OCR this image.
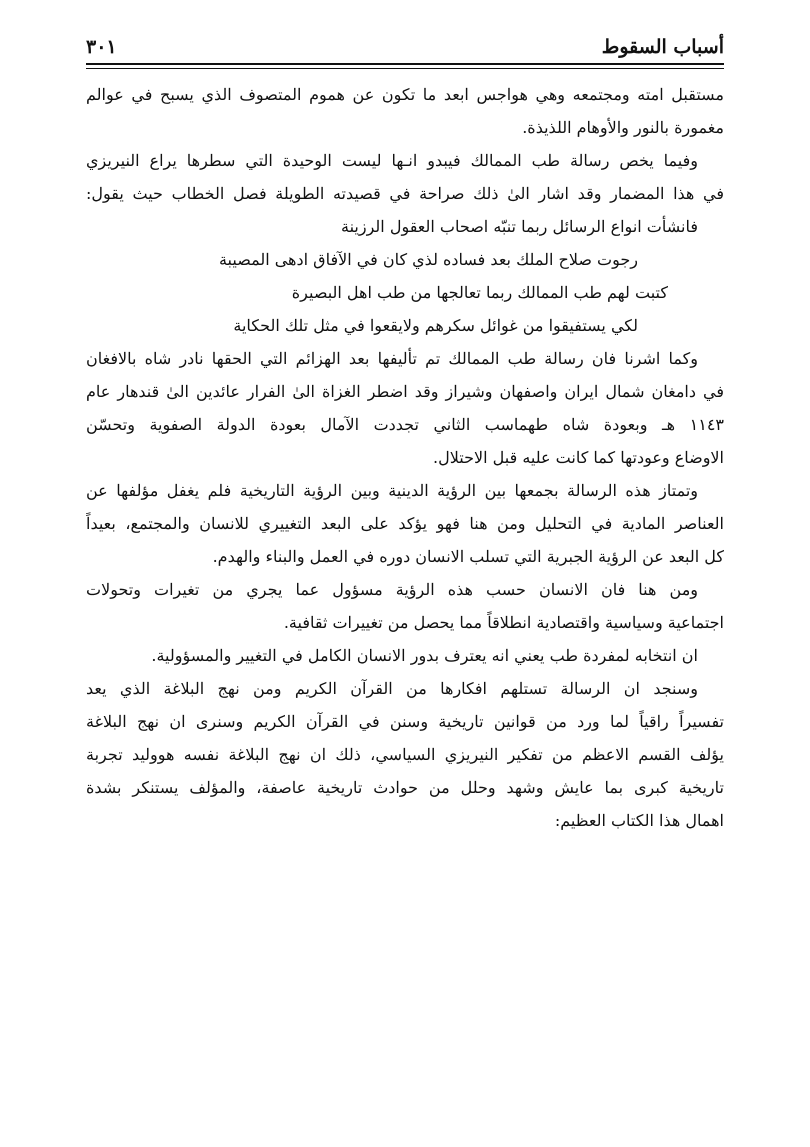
أسباب السقوط
٣٠١
مستقبل امته ومجتمعه وهي هواجس ابعد ما تكون عن هموم المتصوف الذي يسبح في عوالم
مغمورة بالنور والأوهام اللذيذة.
وفيما يخص رسالة طب الممالك فيبدو انـها ليست الوحيدة التي سطرها يراع النيريزي
في هذا المضمار وقد اشار الىٰ ذلك صراحة في قصيدته الطويلة فصل الخطاب حيث يقول:
فانشأت انواع الرسائل ربما تنبّه اصحاب العقول الرزينة
رجوت صلاح الملك بعد فساده لذي كان في الآفاق ادهى المصيبة
كتبت لهم طب الممالك ربما تعالجها من طب اهل البصيرة
لكي يستفيقوا من غوائل سكرهم ولايقعوا في مثل تلك الحكاية
وكما اشرنا فان رسالة طب الممالك تم تأليفها بعد الهزائم التي الحقها نادر شاه بالافغان
في دامغان شمال ايران واصفهان وشيراز وقد اضطر الغزاة الىٰ الفرار عائدين الىٰ قندهار عام
١١٤٣ هـ وبعودة شاه طهماسب الثاني تجددت الآمال بعودة الدولة الصفوية وتحسّن
الاوضاع وعودتها كما كانت عليه قبل الاحتلال.
وتمتاز هذه الرسالة بجمعها بين الرؤية الدينية وبين الرؤية التاريخية فلم يغفل مؤلفها عن
العناصر المادية في التحليل ومن هنا فهو يؤكد على البعد التغييري للانسان والمجتمع، بعيداً
كل البعد عن الرؤية الجبرية التي تسلب الانسان دوره في العمل والبناء والهدم.
ومن هنا فان الانسان حسب هذه الرؤية مسؤول عما يجري من تغيرات وتحولات
اجتماعية وسياسية واقتصادية انطلاقاً مما يحصل من تغييرات ثقافية.
ان انتخابه لمفردة طب يعني انه يعترف بدور الانسان الكامل في التغيير والمسؤولية.
وسنجد ان الرسالة تستلهم افكارها من القرآن الكريم ومن نهج البلاغة الذي يعد
تفسيراً راقياً لما ورد من قوانين تاريخية وسنن في القرآن الكريم وسنرى ان نهج البلاغة
يؤلف القسم الاعظم من تفكير النيريزي السياسي، ذلك ان نهج البلاغة نفسه هووليد تجربة
تاريخية كبرى بما عايش وشهد وحلل من حوادث تاريخية عاصفة، والمؤلف يستنكر بشدة
اهمال هذا الكتاب العظيم:
